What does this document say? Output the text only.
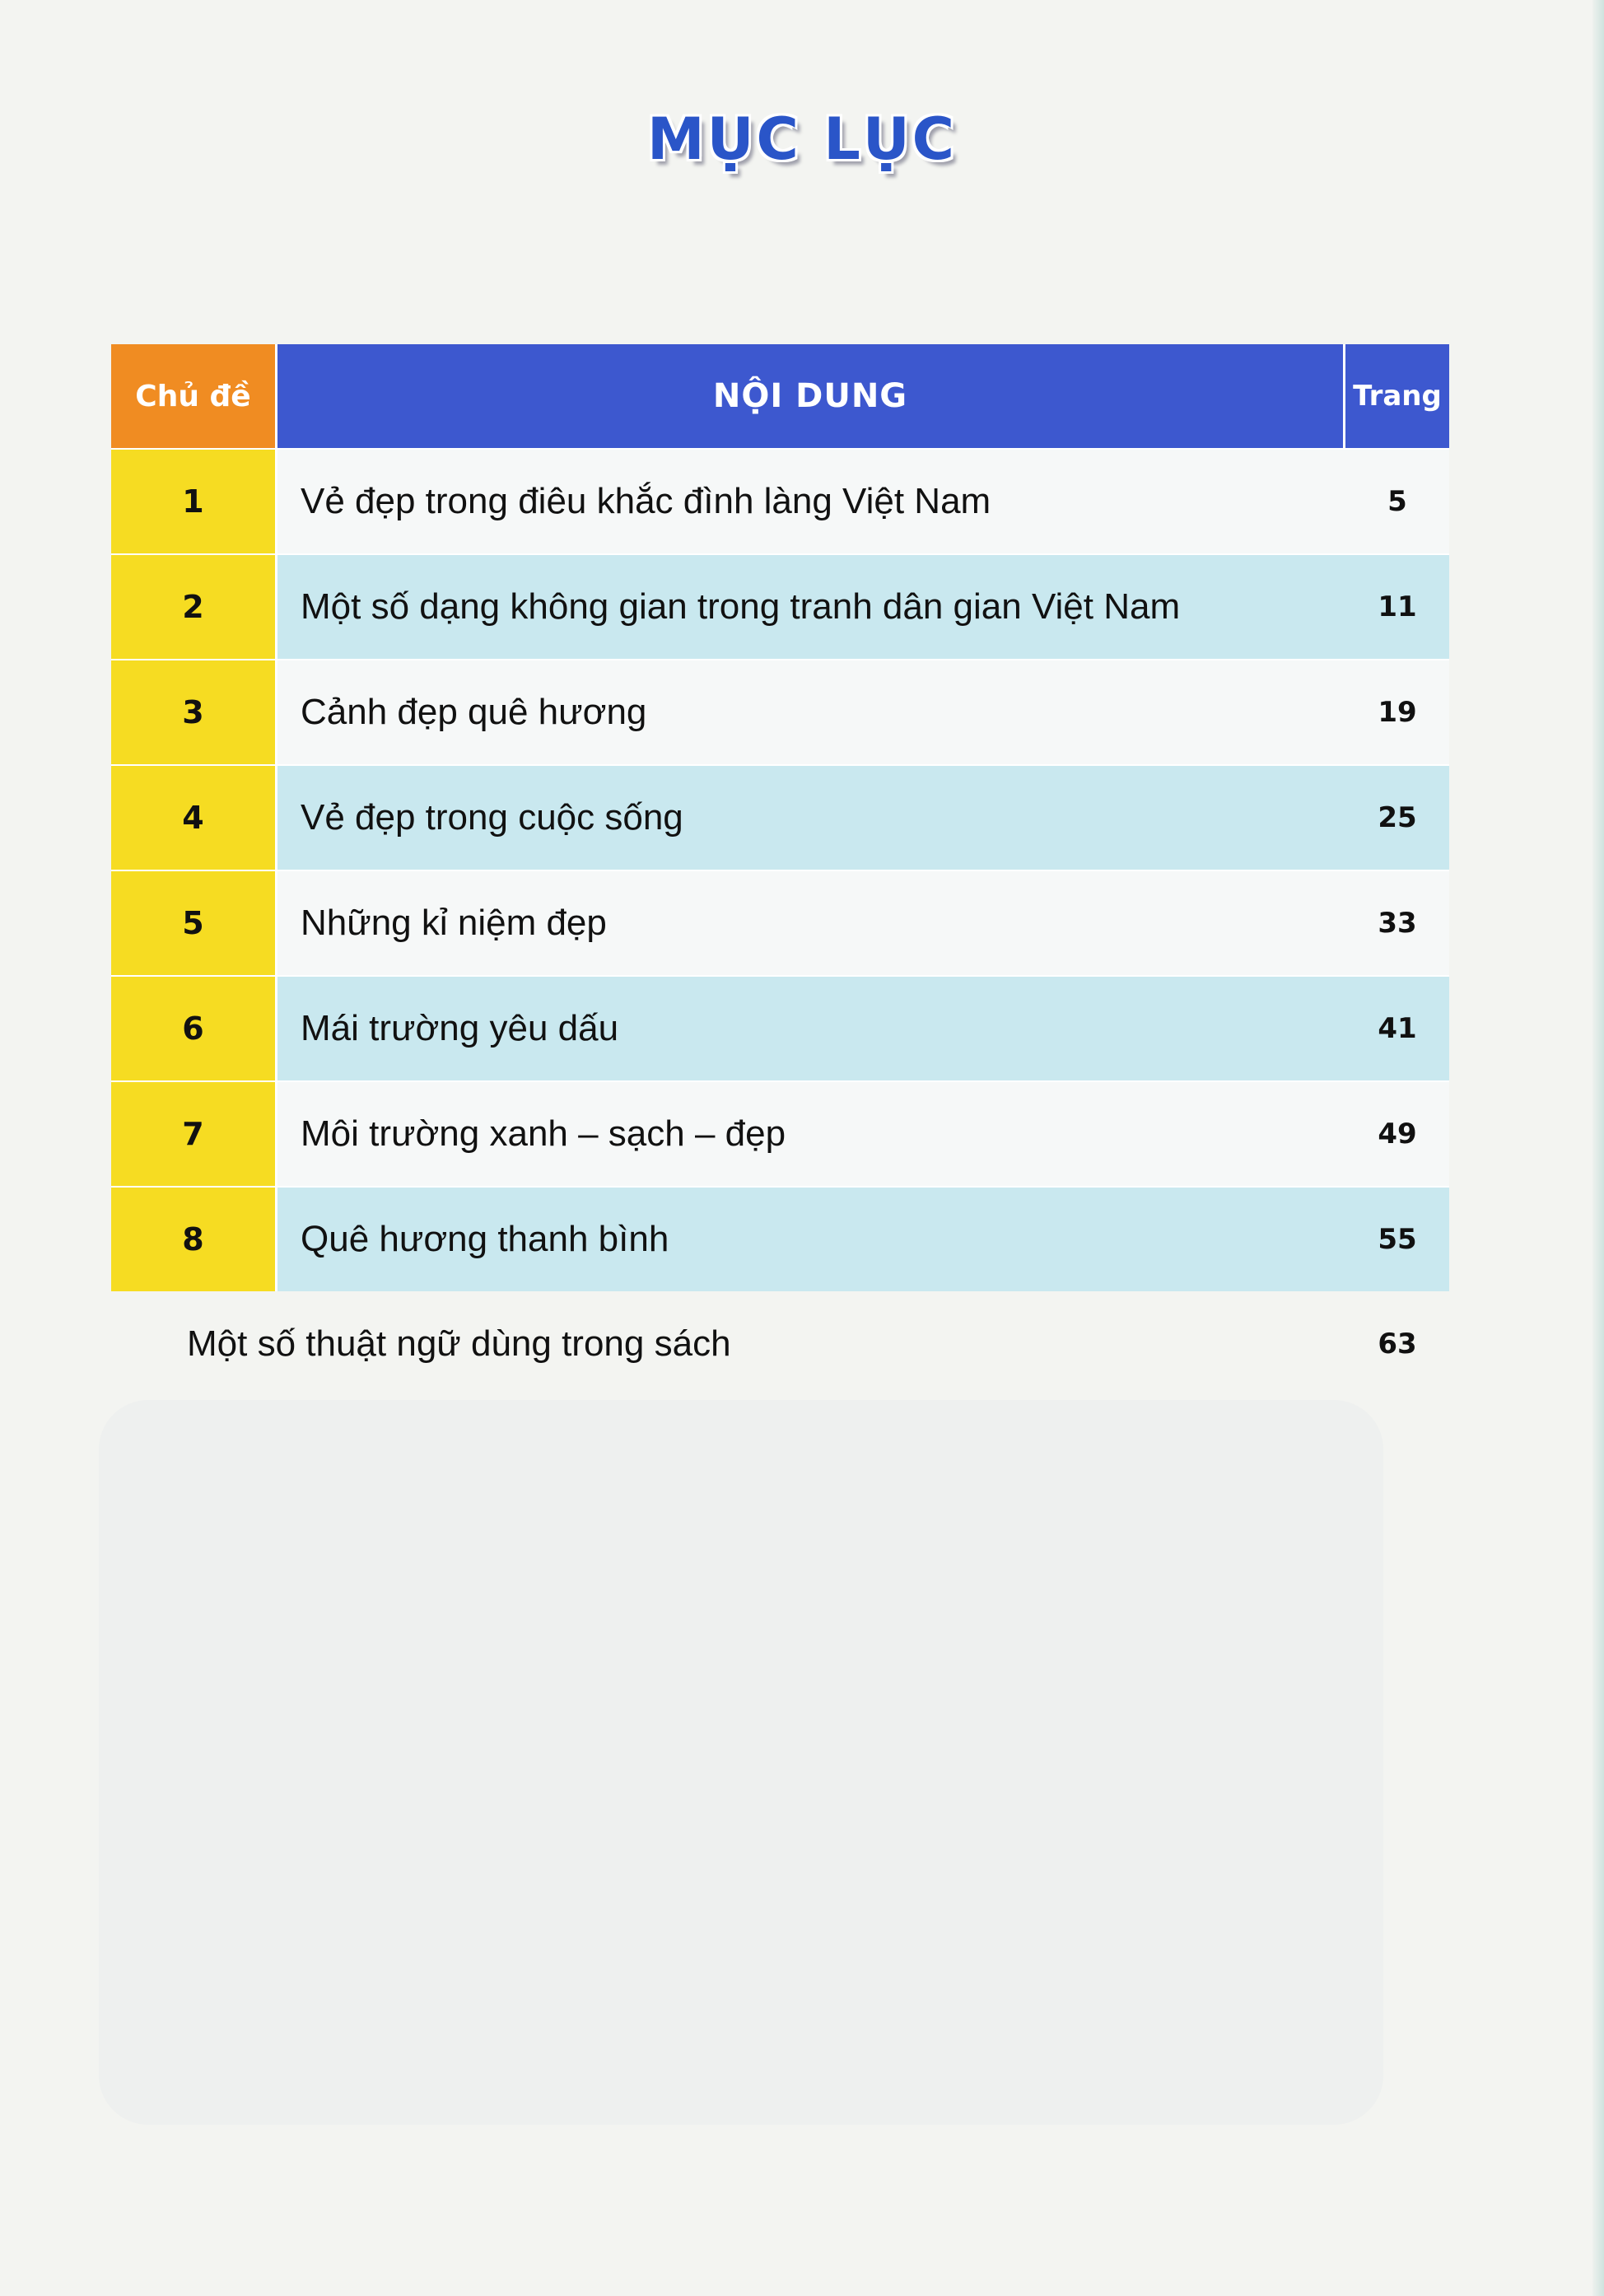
MỤC LỤC
Chủ đề	NỘI DUNG	Trang
1	Vẻ đẹp trong điêu khắc đình làng Việt Nam	5
2	Một số dạng không gian trong tranh dân gian Việt Nam	11
3	Cảnh đẹp quê hương	19
4	Vẻ đẹp trong cuộc sống	25
5	Những kỉ niệm đẹp	33
6	Mái trường yêu dấu	41
7	Môi trường xanh – sạch – đẹp	49
8	Quê hương thanh bình	55
Một số thuật ngữ dùng trong sách	63
